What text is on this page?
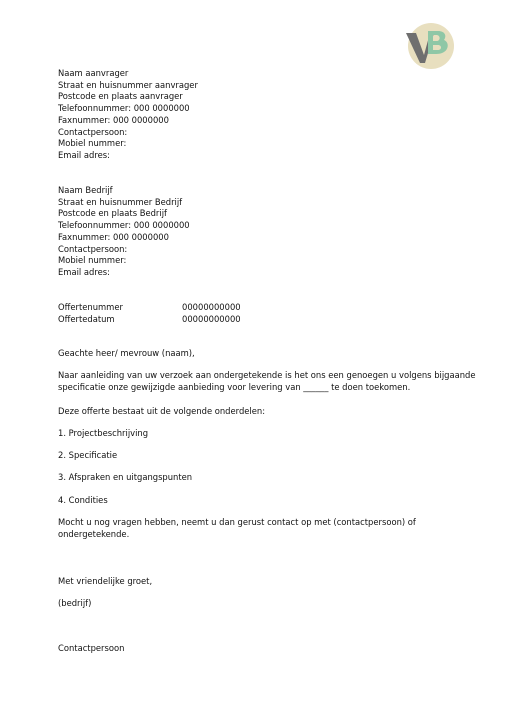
Naam aanvrager
Straat en huisnummer aanvrager
Postcode en plaats aanvrager
Telefoonnummer: 000 0000000
Faxnummer: 000 0000000
Contactpersoon:
Mobiel nummer:
Email adres:
Naam Bedrijf
Straat en huisnummer Bedrijf
Postcode en plaats Bedrijf
Telefoonnummer: 000 0000000
Faxnummer: 000 0000000
Contactpersoon:
Mobiel nummer:
Email adres:
Offertenummer	00000000000
Offertedatum	00000000000
Geachte heer/ mevrouw (naam),
Naar aanleiding van uw verzoek aan ondergetekende is het ons een genoegen u volgens bijgaande
specificatie onze gewijzigde aanbieding voor levering van ______ te doen toekomen.
Deze offerte bestaat uit de volgende onderdelen:
1. Projectbeschrijving
2. Specificatie
3. Afspraken en uitgangspunten
4. Condities
Mocht u nog vragen hebben, neemt u dan gerust contact op met (contactpersoon) of
ondergetekende.
Met vriendelijke groet,
(bedrijf)
Contactpersoon
